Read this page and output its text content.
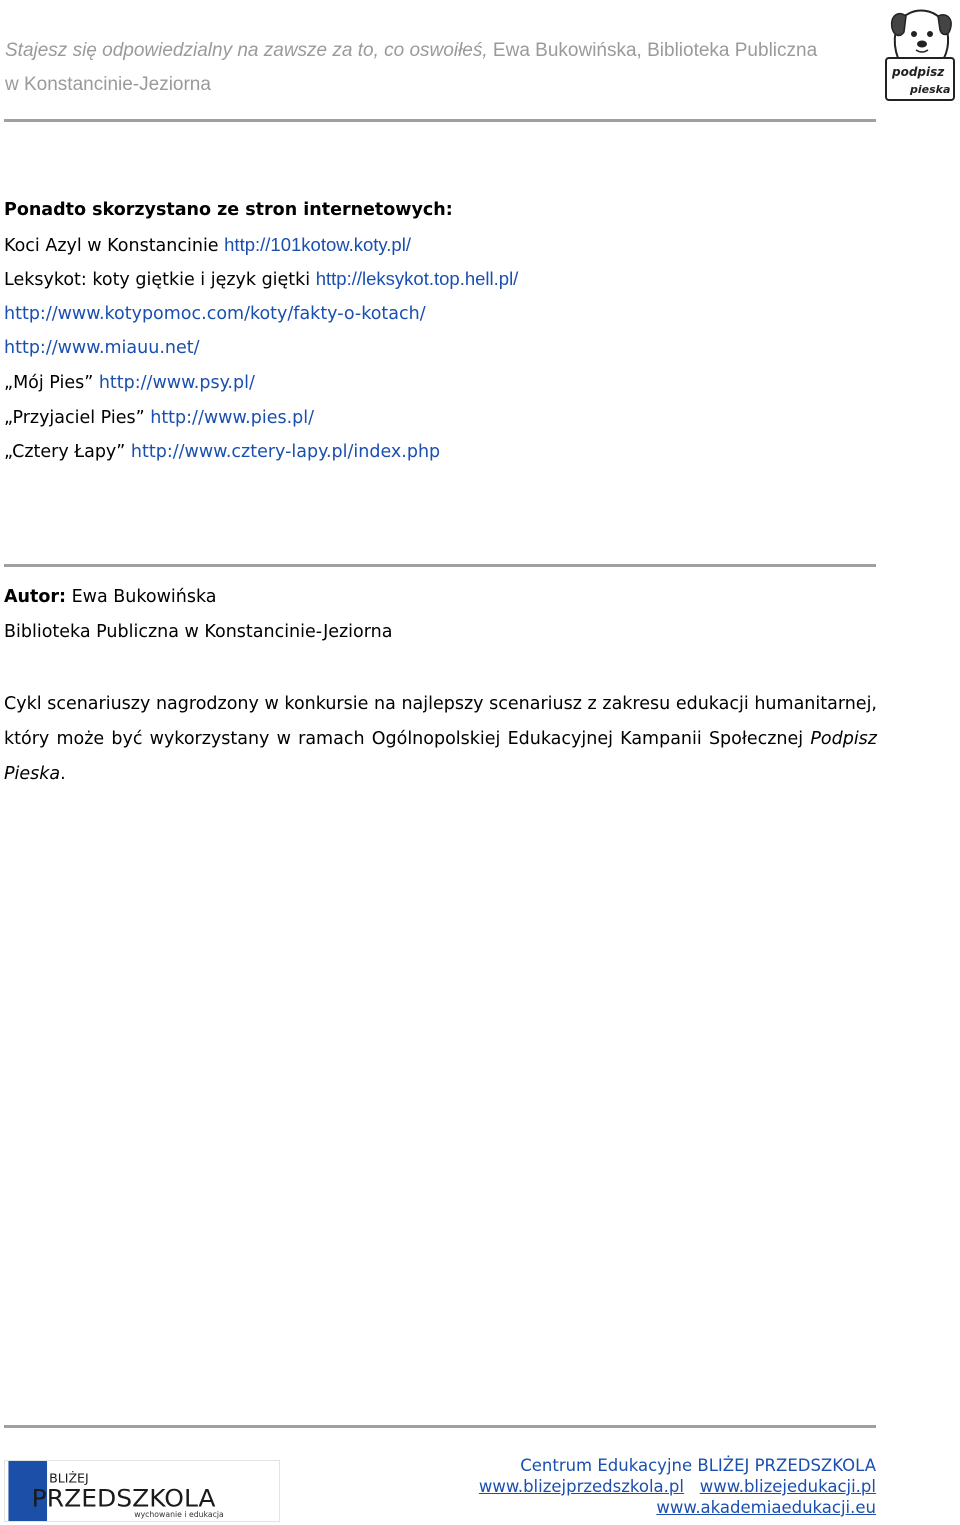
Stajesz się odpowiedzialny na zawsze za to, co oswoiłeś, Ewa Bukowińska, Biblioteka Publiczna
w Konstancinie-Jeziorna
podpisz
pieska
Ponadto skorzystano ze stron internetowych:
Koci Azyl w Konstancinie http://101kotow.koty.pl/
Leksykot: koty giętkie i język giętki http://leksykot.top.hell.pl/
http://www.kotypomoc.com/koty/fakty-o-kotach/
http://www.miauu.net/
„Mój Pies” http://www.psy.pl/
„Przyjaciel Pies” http://www.pies.pl/
„Cztery Łapy” http://www.cztery-lapy.pl/index.php
Autor: Ewa Bukowińska
Biblioteka Publiczna w Konstancinie-Jeziorna
Cykl scenariuszy nagrodzony w konkursie na najlepszy scenariusz z zakresu edukacji humanitarnej, który może być wykorzystany w ramach Ogólnopolskiej Edukacyjnej Kampanii Społecznej Podpisz Pieska.
BLIŻEJ
PRZEDSZKOLA
wychowanie i edukacja
Centrum Edukacyjne BLIŻEJ PRZEDSZKOLA
www.blizejprzedszkola.pl www.blizejedukacji.pl
www.akademiaedukacji.eu
